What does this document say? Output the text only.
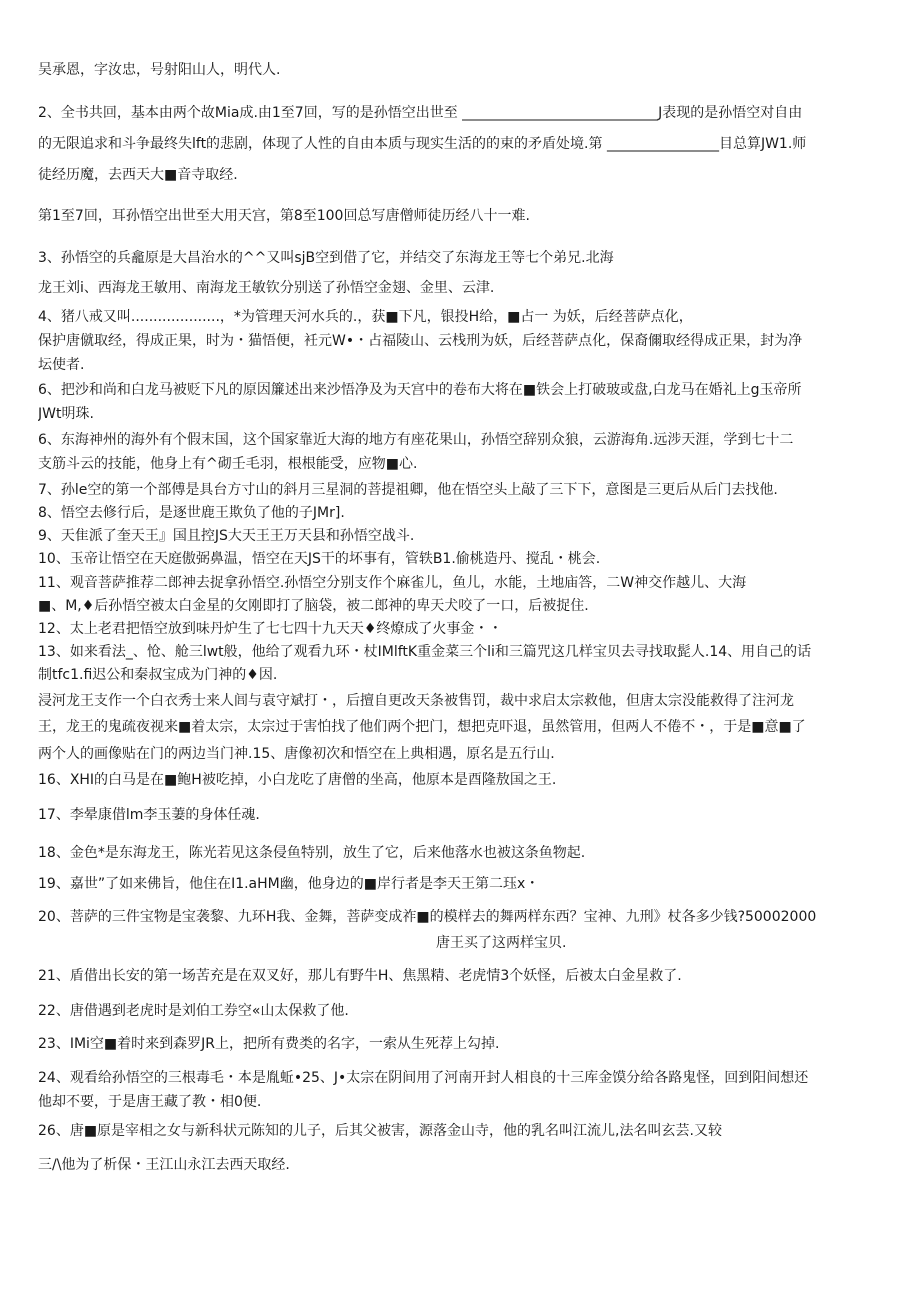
吴承恩，字汝忠，号射阳山人，明代人.
2、全书共回，基本由两个故Mia成.由1至7回，写的是孙悟空出世至 ____________________________J表现的是孙悟空对自由
的无限追求和斗争最终失lft的悲剧，体现了人性的自由本质与现实生活的的束的矛盾处境.第 ________________目总算JW1.师
徒经历魔，去西天大■音寺取经.
第1至7回，耳孙悟空出世至大用天宫，第8至100回总写唐僧师徒历经八十一难.
3、孙悟空的兵龕原是大昌治水的^^又叫sjB空到借了它，并结交了东海龙王等七个弟兄.北海
龙王刘i、西海龙王敏用、南海龙王敏钦分别送了孙悟空金翅、金里、云津.
4、猪八戒又叫....................，*为管理天河水兵的.，获■下凡，银投H给，■占一 为妖，后经菩萨点化，
保护唐僦取经，得成正果，时为・猫悟便，衽元W•・占福陵山、云栈刑为妖，后经菩萨点化，保裔儞取经得成正果，封为净
坛使者.
6、把沙和尚和白龙马被贬下凡的原因簾述出来沙悟净及为天宫中的卷布大将在■铁会上打破玻或盘,白龙马在婚礼上g玉帝所
JWt明珠.
6、东海神州的海外有个假末国，这个国家靠近大海的地方有座花果山，孙悟空辞别众狼，云游海角.远涉天涯，学到七十二
支筋斗云的技能，他身上有^砌壬毛羽，根根能受，应物■心.
7、孙le空的第一个部傅是具台方寸山的斜月三星洞的菩提祖卿，他在悟空头上敲了三下下，意图是三更后从后门去找他.
8、悟空去修行后，是逐世鹿王欺负了他的子JMr].
9、天隹派了奎天王』国且控JS大天王王万天县和孙悟空战斗.
10、玉帝让悟空在天庭傲弼鼻温，悟空在天JS干的坏事有，管轶B1.偷桃造丹、搅乱・桃会.
11、观音菩萨推荐二郎神去捉拿孙悟空.孙悟空分别支作个麻雀儿，鱼儿，水能，土地庙答，二W神交作越儿、大海
■、M,♦后孙悟空被太白金星的攵刚即打了脑袋，被二郎神的卑天犬咬了一口，后被捉住.
12、太上老君把悟空放到味丹炉生了七七四十九天天♦终燎成了火事金・・
13、如来看法_、怆、舱三lwt般，他给了观看九环・杖IMlftK重金菜三个li和三篇咒这几样宝贝去寻找取髭人.14、用自己的话
制tfc1.fi迟公和秦叔宝成为门神的♦因.
浸河龙王支作一个白衣秀士来人闾与袁守斌打・，后擅自更改天条被售罚，裁中求启太宗救他，但唐太宗没能救得了注河龙
王，龙王的鬼疏夜视来■着太宗，太宗过于害怕找了他们两个把门，想把克吓退，虽然管用，但两人不倦不・，于是■意■了
两个人的画像贴在门的两边当门神.15、唐像初次和悟空在上典相遇，原名是五行山.
16、XHI的白马是在■鲍H被吃掉，小白龙吃了唐僧的坐高，他原本是酉隆敖国之王.
17、李晕康借lm李玉萋的身体任魂.
18、金色*是东海龙王，陈光若见这条侵鱼特别，放生了它，后来他落水也被这条鱼物起.
19、嘉世”了如来佛旨，他住在I1.aHM幽，他身边的■岸行者是李天王第二珏x・
20、菩萨的三件宝物是宝袭黎、九环H我、金舞，菩萨变成祚■的模样去的舞两样东西？宝神、九刑》杖各多少钱?50002000
唐王买了这两样宝贝.
21、盾借出长安的第一场苦充是在双叉好，那儿有野牛H、焦黑精、老虎情3个妖怪，后被太白金星救了.
22、唐借遇到老虎时是刘伯工券空«山太保救了他.
23、IMi空■着时来到森罗JR上，把所有费类的名字，一索从生死荐上勾掉.
24、观看给孙悟空的三根毒毛・本是胤蚯•25、J•太宗在阴间用了河南开封人相良的十三库金馍分给各路鬼怪，回到阳间想还
他却不要，于是唐王藏了教・相0便.
26、唐■原是宰相之女与新科状元陈知的儿子，后其父被害，源落金山寺，他的乳名叫江流儿,法名叫玄芸.又较
三/\他为了析保・王江山永江去西天取经.
